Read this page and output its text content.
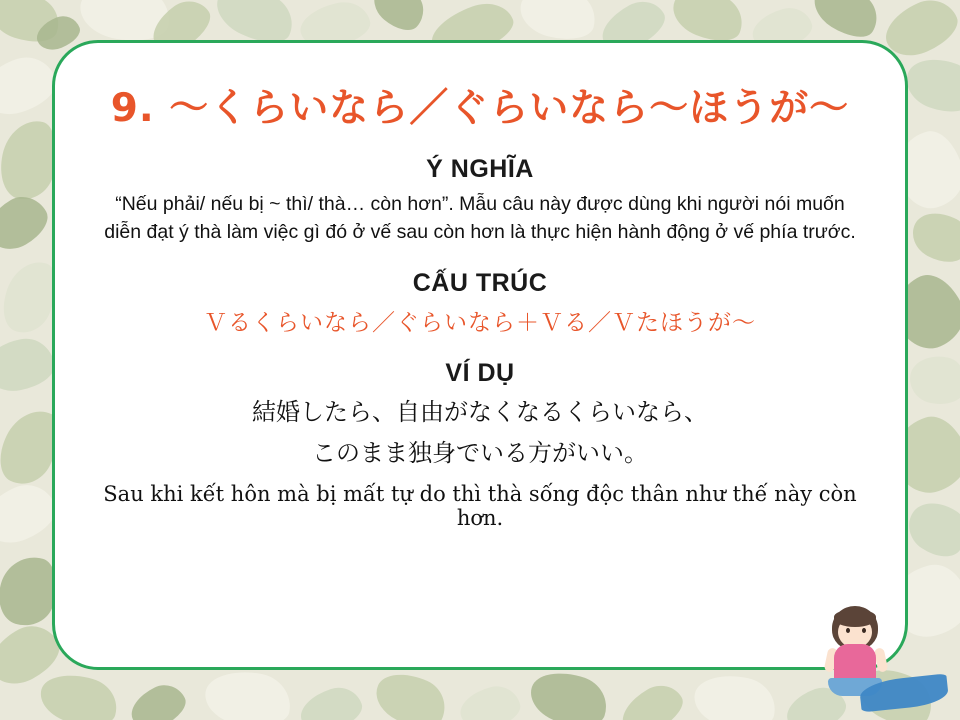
9. 〜くらいなら／ぐらいなら〜ほうが〜
Ý NGHĨA
“Nếu phải/ nếu bị ~ thì/ thà… còn hơn”. Mẫu câu này được dùng khi người nói muốn diễn đạt ý thà làm việc gì đó ở vế sau còn hơn là thực hiện hành động ở vế phía trước.
CẤU TRÚC
Ｖるくらいなら／ぐらいなら＋Ｖる／Ｖたほうが〜
VÍ DỤ
結婚したら、自由がなくなるくらいなら、
このまま独身でいる方がいい。
Sau khi kết hôn mà bị mất tự do thì thà sống độc thân như thế này còn hơn.
